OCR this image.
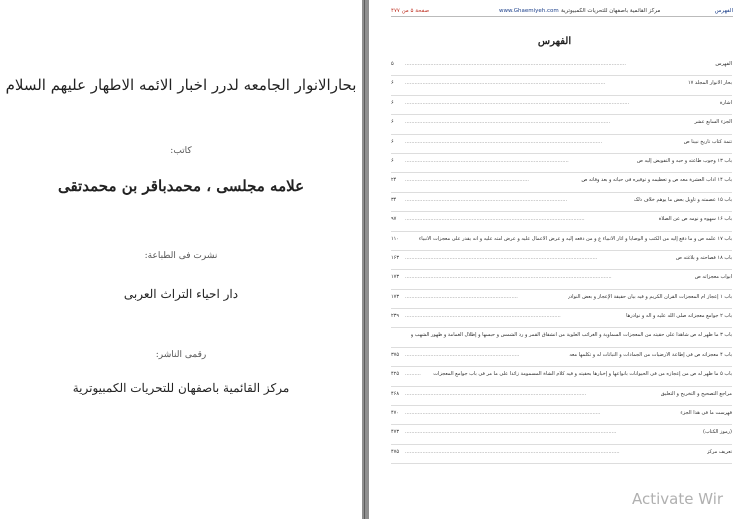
بحارالانوار الجامعه لدرر اخبار الائمه الاطهار علیهم السلام
کاتب:
علامه مجلسی ، محمدباقر بن محمدتقی
نشرت فی الطباعة:
دار احیاء التراث العربی
رقمی الناشر:
مرکز القائمیة باصفهان للتحریات الکمبیوتریة
صفحة ۵ من ۴۷۷	www.Ghaemiyeh.com مرکز القائمیة باصفهان للتحریات الکمبیوتریة	الفهرس
الفهرس
الفهرس
۵ ...........................................................................................................................................
بحار الانوار المجلد ۱۷
۶ ..............................................................................................................................
اشارة
۶ .............................................................................................................................................
الجزء السابع عشر
۶ .................................................................................................................................
تتمة کتاب تاریخ نبینا ص
۶ ............................................................................................................................
باب ۱۳ وجوب طاعته و حبه و التفویض إلیه ص
۶ .......................................................................................................
باب ۱۴ آداب العشرة معه ص و تعظیمه و توقیره فی حیاته و بعد وفاته ص
۲۴ ..............................................................................
باب ۱۵ عصمته و تأویل بعض ما یوهم خلاف ذلک
۳۴ ......................................................................................................
باب ۱۶ سهوه و نومه ص عن الصلاة
۹۷ .................................................................................................................
باب ۱۷ علمه ص و ما دفع إلیه من الکتب و الوصایا و آثار الأنبیاء ع و من دفعه إلیه و عرض الأعمال علیه و عرض أمته علیه و أنه یقدر علی معجزات الأنبیاء
۱۱۰
باب ۱۸ فصاحته و بلاغته ص
۱۶۳ .........................................................................................................................
أبواب معجزاته ص
۱۷۳ ..................................................................................................................................
باب ۱ إعجاز أم المعجزات القرآن الکریم و فیه بیان حقیقة الإعجاز و بعض النوادر
۱۷۳ .......................................................................
باب ۲ جوامع معجزاته صلی الله علیه و آله و نوادرها
۲۳۹ ..................................................................................................
باب ۳ ما ظهر له ص شاهدا علی حقیته من المعجزات السماویة و الغرائب العلویة من انشقاق القمر و رد الشمس و حبسها و إظلال الغمامة و ظهور الشهب و
باب ۴ معجزاته ص فی إطاعة الأرضیات من الجمادات و النباتات له و تکلمها معه
۳۷۵ ........................................................................
باب ۵ ما ظهر له ص من إعجازه من فی الحیوانات بأنواعها و إخبارها بحقیته و فیه کلام الشاة المسمومة زائدا علی ما مر فی باب جوامع المعجزات
۴۲۵ ..........
مراجع التصحیح و التخریج و التعلیق
۴۶۸ ..................................................................................................................
فهرست ما فی هذا الجزء
۴۷۰ ...........................................................................................................................
(رموز الکتاب)
۴۷۳ .....................................................................................................................................
تعریف مرکز
۴۷۵ .......................................................................................................................................
Activate Wir
